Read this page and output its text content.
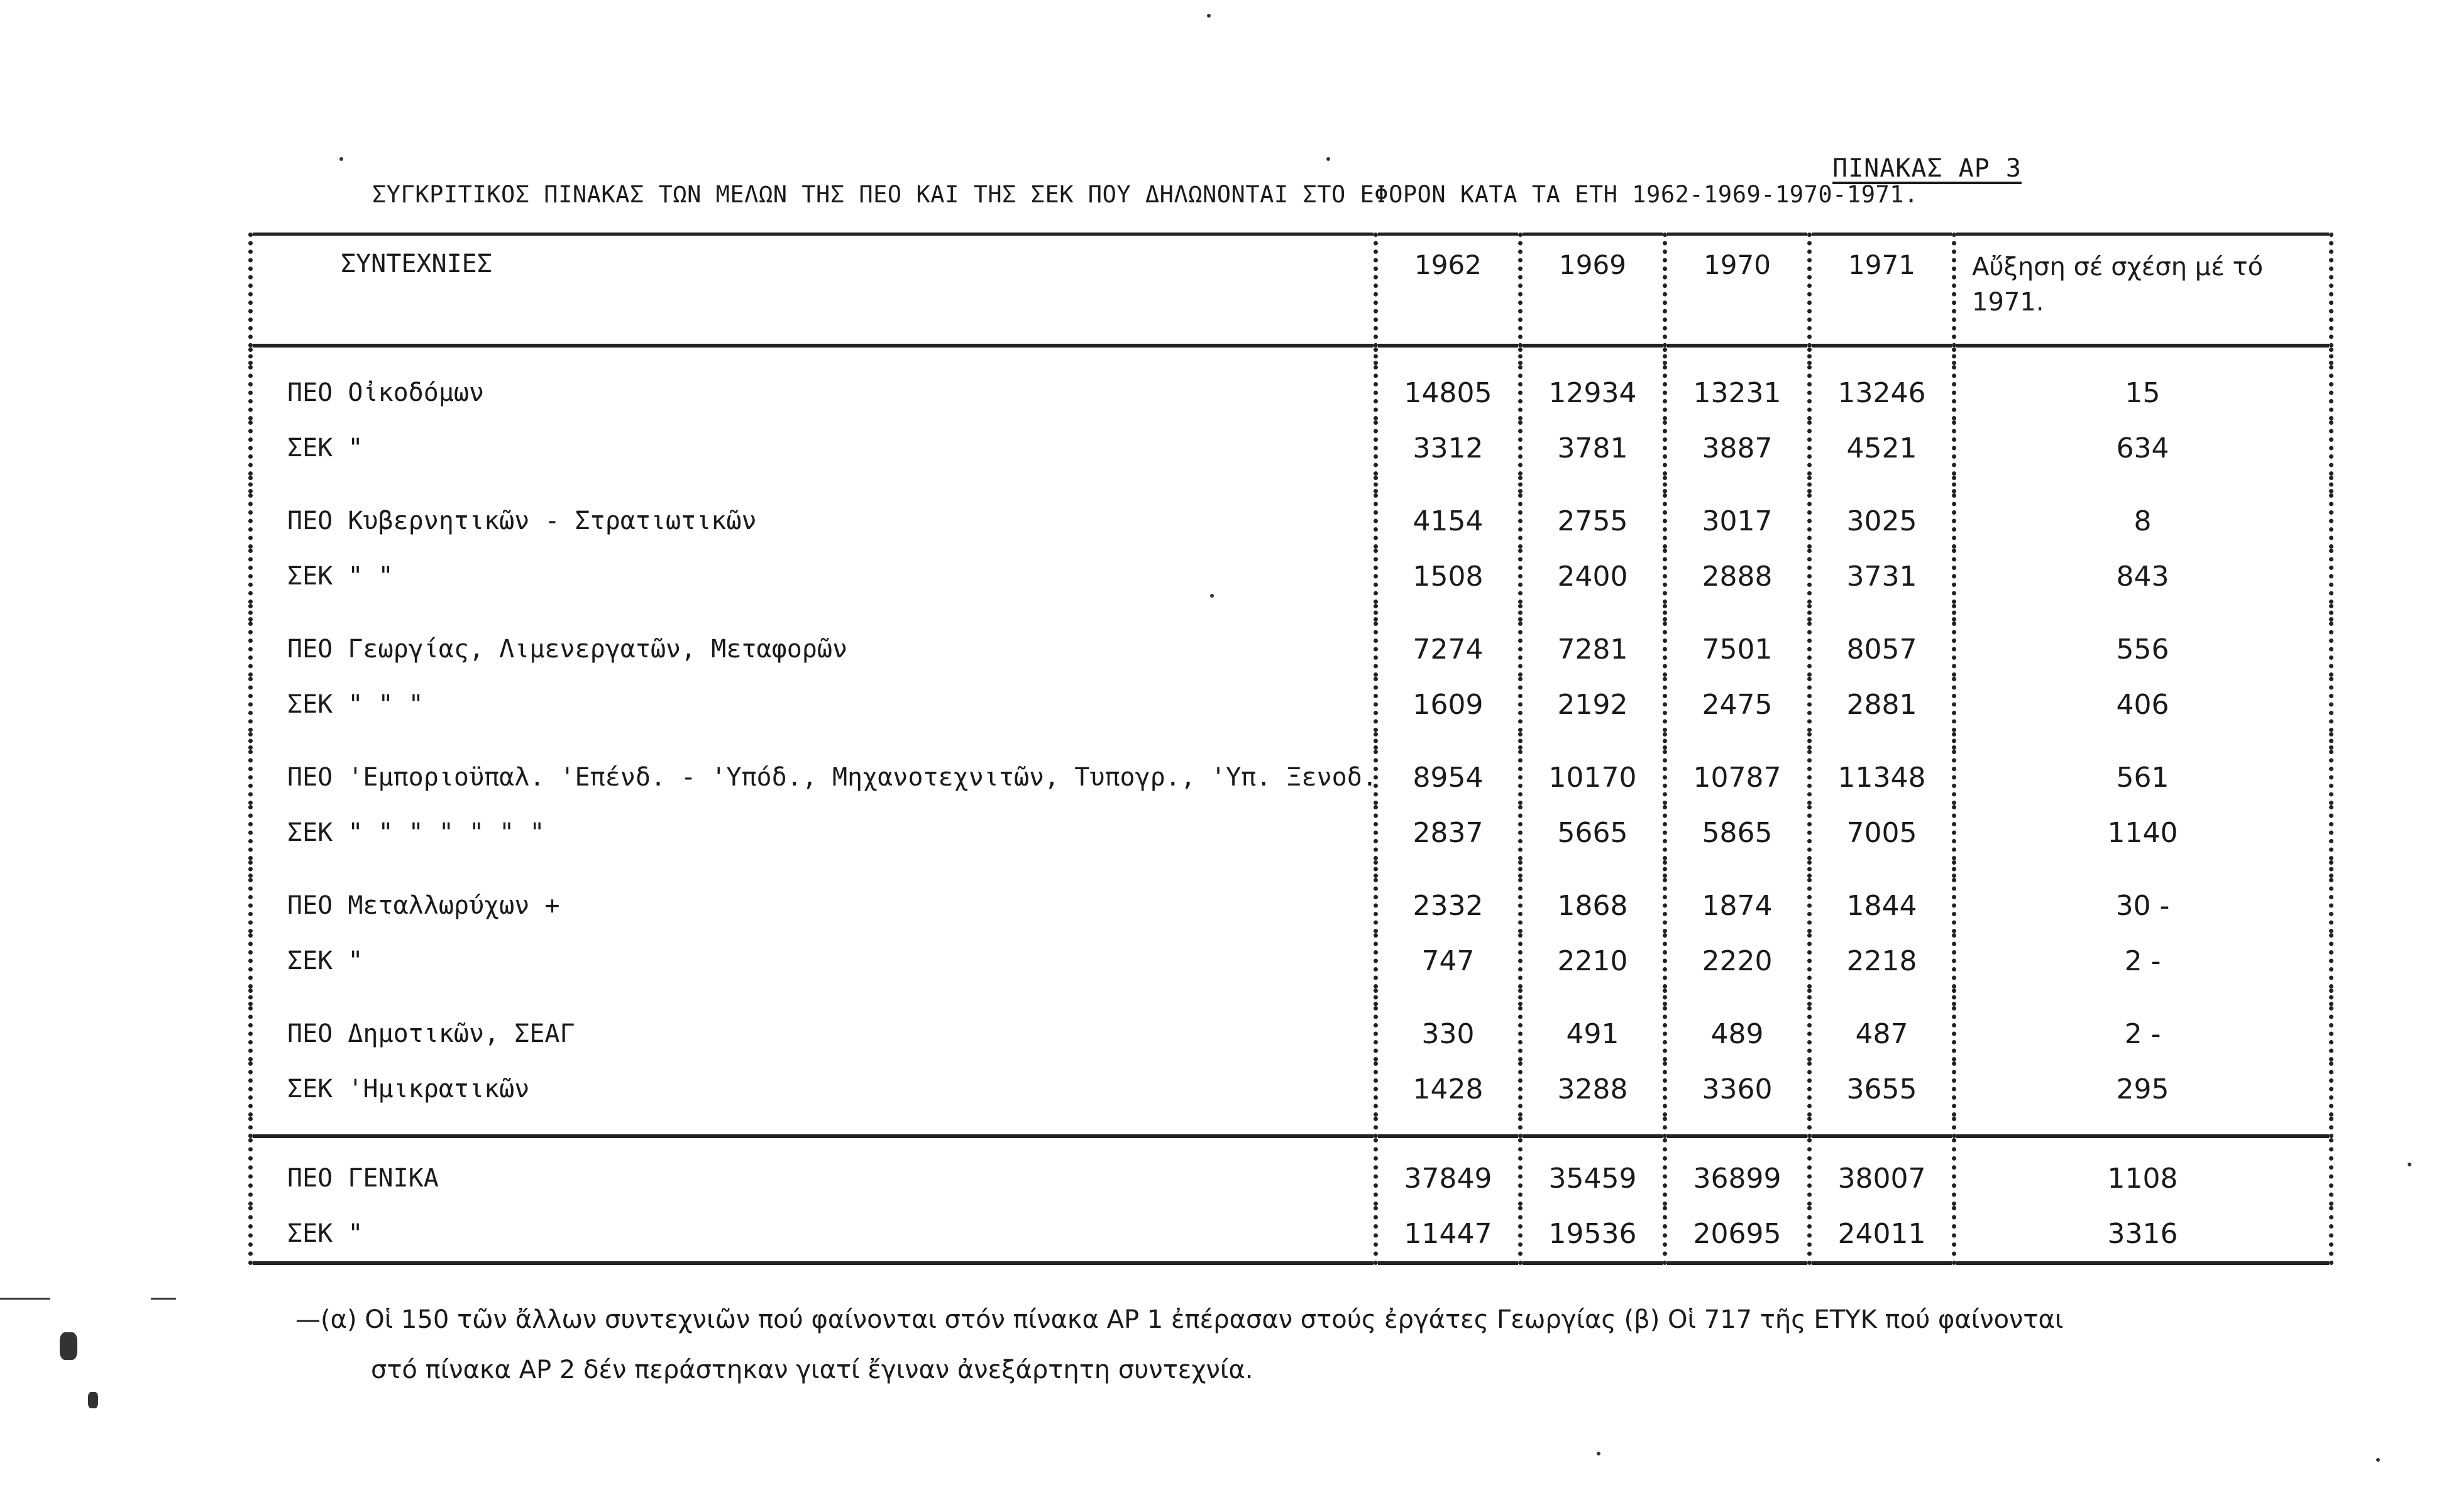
ΠΙΝΑΚΑΣ ΑΡ 3
ΣΥΓΚΡΙΤΙΚΟΣ ΠΙΝΑΚΑΣ ΤΩΝ ΜΕΛΩΝ ΤΗΣ ΠΕΟ ΚΑΙ ΤΗΣ ΣΕΚ ΠΟΥ ΔΗΛΩΝΟΝΤΑΙ ΣΤΟ ΕΦΟΡΟΝ ΚΑΤΑ ΤΑ ΕΤΗ 1962-1969-1970-1971.
ΣΥΝΤΕΧΝΙΕΣ	1962	1969	1970	1971	Αὔξηση σέ σχέση μέ τό 1971.

ΠΕΟ Οἰκοδόμων	14805	12934	13231	13246	15
ΣΕΚ "	3312	3781	3887	4521	634

ΠΕΟ Κυβερνητικῶν - Στρατιωτικῶν	4154	2755	3017	3025	8
ΣΕΚ " "	1508	2400	2888	3731	843

ΠΕΟ Γεωργίας, Λιμενεργατῶν, Μεταφορῶν	7274	7281	7501	8057	556
ΣΕΚ " " "	1609	2192	2475	2881	406

ΠΕΟ 'Εμποριοϋπαλ. 'Επένδ. - 'Υπόδ., Μηχανοτεχνιτῶν, Τυπογρ., 'Υπ. Ξενοδ.	8954	10170	10787	11348	561
ΣΕΚ " " " " " " "	2837	5665	5865	7005	1140

ΠΕΟ Μεταλλωρύχων +	2332	1868	1874	1844	30 -
ΣΕΚ "	747	2210	2220	2218	2 -

ΠΕΟ Δημοτικῶν, ΣΕΑΓ	330	491	489	487	2 -
ΣΕΚ 'Ημικρατικῶν	1428	3288	3360	3655	295

ΠΕΟ ΓΕΝΙΚΑ	37849	35459	36899	38007	1108
ΣΕΚ "	11447	19536	20695	24011	3316
—(α) Οἱ 150 τῶν ἄλλων συντεχνιῶν πού φαίνονται στόν πίνακα ΑΡ 1 ἐπέρασαν στούς ἐργάτες Γεωργίας (β) Οἱ 717 τῆς ΕΤΥΚ πού φαίνονται
στό πίνακα ΑΡ 2 δέν περάστηκαν γιατί ἔγιναν ἀνεξάρτητη συντεχνία.
